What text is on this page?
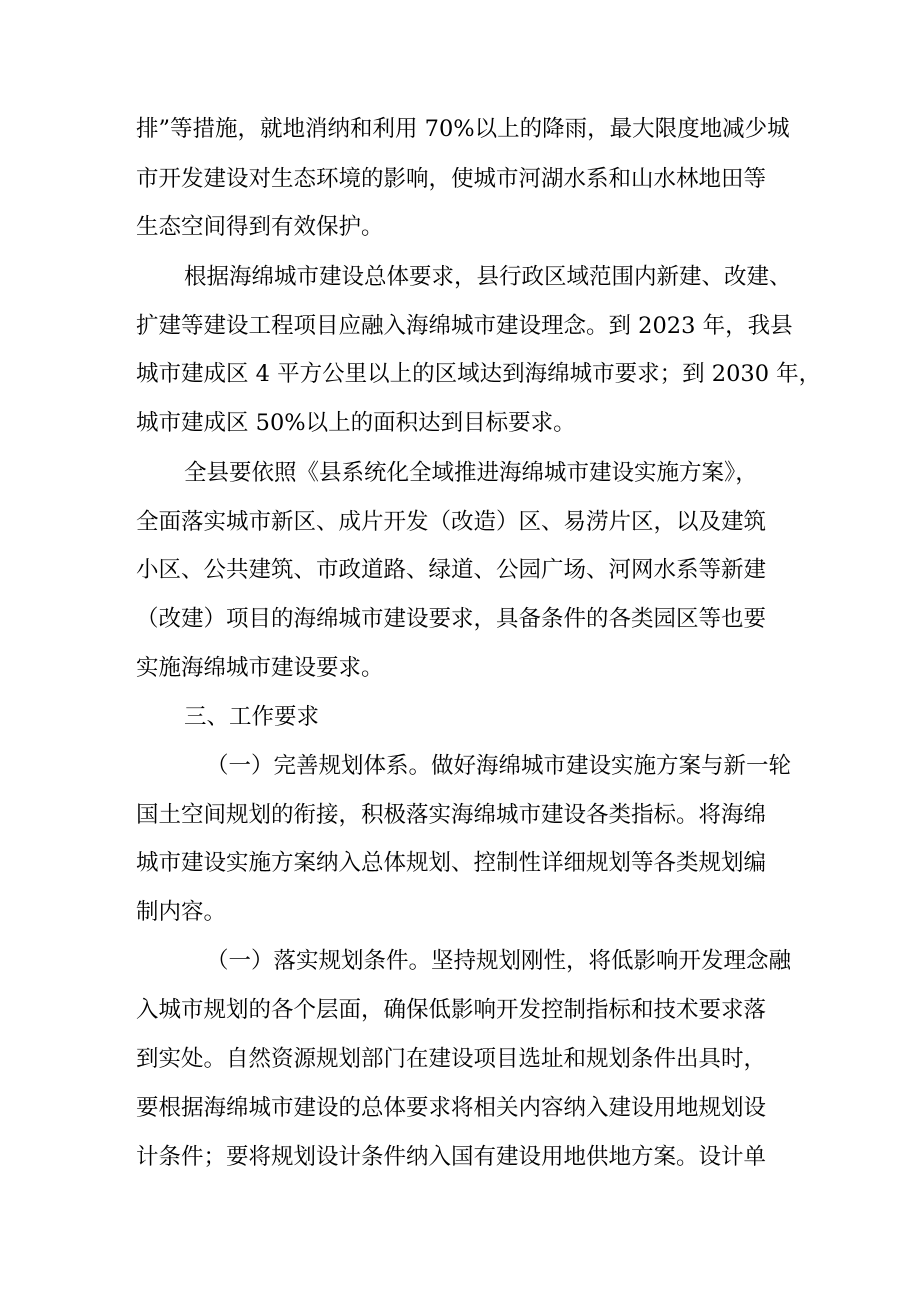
排”等措施，就地消纳和利用 70%以上的降雨，最大限度地减少城
市开发建设对生态环境的影响，使城市河湖水系和山水林地田等
生态空间得到有效保护。
根据海绵城市建设总体要求，县行政区域范围内新建、改建、
扩建等建设工程项目应融入海绵城市建设理念。到 2023 年，我县
城市建成区 4 平方公里以上的区域达到海绵城市要求；到 2030 年，
城市建成区 50%以上的面积达到目标要求。
全县要依照《县系统化全域推进海绵城市建设实施方案》，
全面落实城市新区、成片开发（改造）区、易涝片区，以及建筑
小区、公共建筑、市政道路、绿道、公园广场、河网水系等新建
（改建）项目的海绵城市建设要求，具备条件的各类园区等也要
实施海绵城市建设要求。
三、工作要求
（一）完善规划体系。做好海绵城市建设实施方案与新一轮
国土空间规划的衔接，积极落实海绵城市建设各类指标。将海绵
城市建设实施方案纳入总体规划、控制性详细规划等各类规划编
制内容。
（一）落实规划条件。坚持规划刚性，将低影响开发理念融
入城市规划的各个层面，确保低影响开发控制指标和技术要求落
到实处。自然资源规划部门在建设项目选址和规划条件出具时，
要根据海绵城市建设的总体要求将相关内容纳入建设用地规划设
计条件；要将规划设计条件纳入国有建设用地供地方案。设计单
